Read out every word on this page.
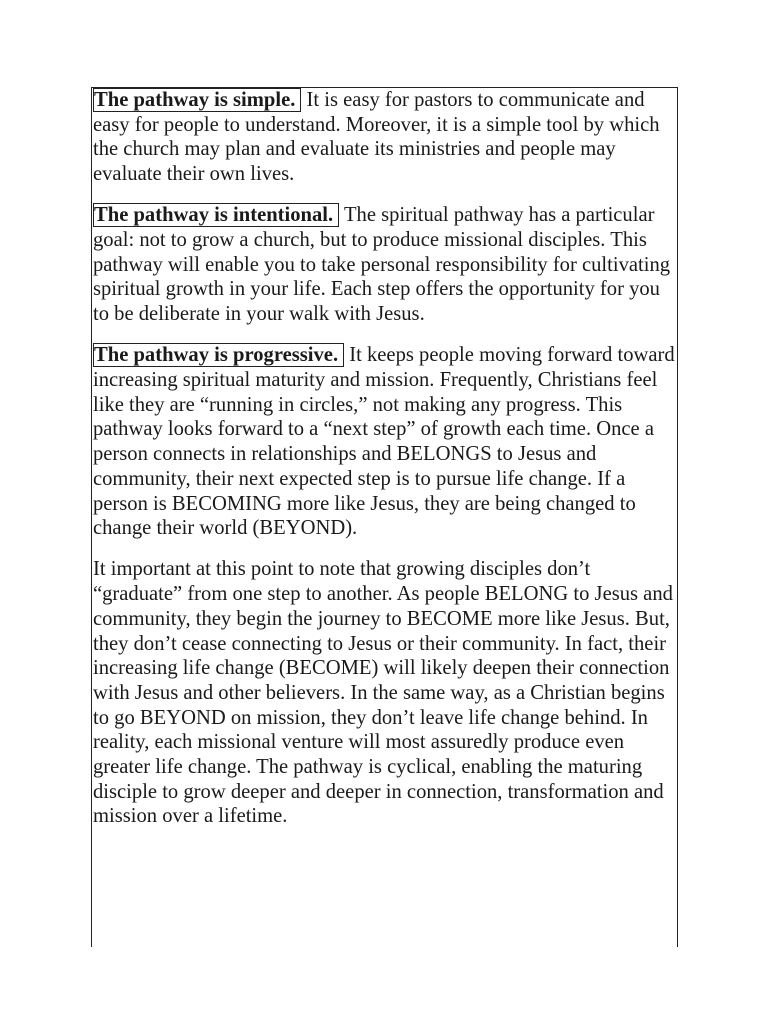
The pathway is simple. It is easy for pastors to communicate and easy for people to understand. Moreover, it is a simple tool by which the church may plan and evaluate its ministries and people may evaluate their own lives.

The pathway is intentional. The spiritual pathway has a particular goal: not to grow a church, but to produce missional disciples. This pathway will enable you to take personal responsibility for cultivating spiritual growth in your life. Each step offers the opportunity for you to be deliberate in your walk with Jesus.

The pathway is progressive. It keeps people moving forward toward increasing spiritual maturity and mission. Frequently, Christians feel like they are “running in circles,” not making any progress. This pathway looks forward to a “next step” of growth each time. Once a person connects in relationships and BELONGS to Jesus and community, their next expected step is to pursue life change. If a person is BECOMING more like Jesus, they are being changed to change their world (BEYOND).

It important at this point to note that growing disciples don’t “graduate” from one step to another. As people BELONG to Jesus and community, they begin the journey to BECOME more like Jesus. But, they don’t cease connecting to Jesus or their community. In fact, their increasing life change (BECOME) will likely deepen their connection with Jesus and other believers. In the same way, as a Christian begins to go BEYOND on mission, they don’t leave life change behind. In reality, each missional venture will most assuredly produce even greater life change. The pathway is cyclical, enabling the maturing disciple to grow deeper and deeper in connection, transformation and mission over a lifetime.
